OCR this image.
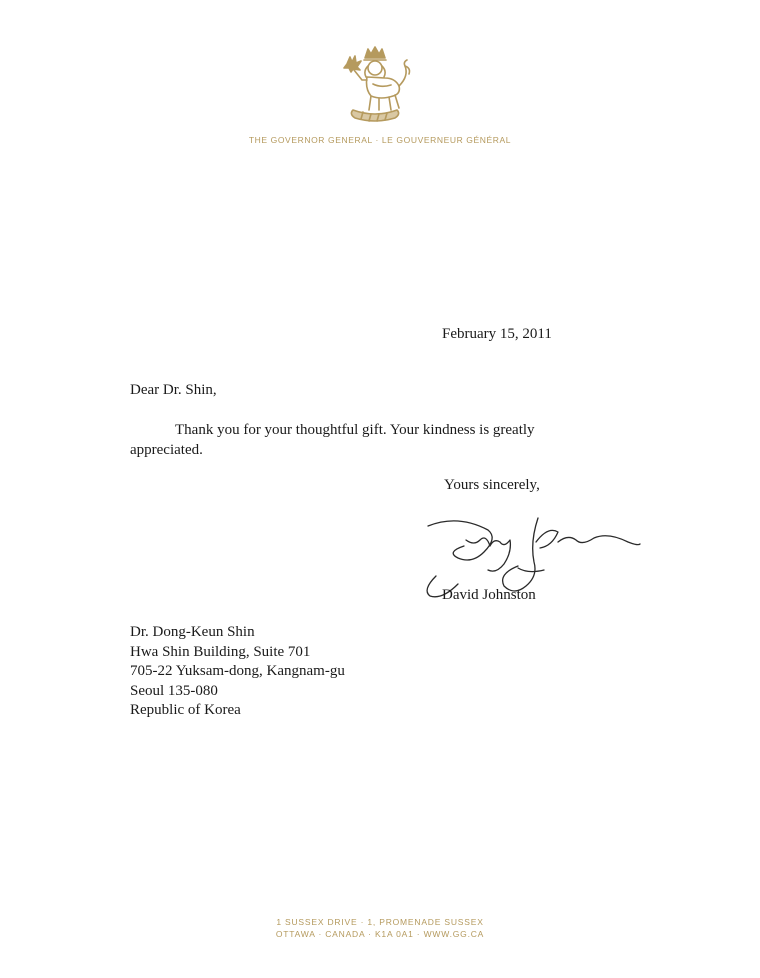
THE GOVERNOR GENERAL · LE GOUVERNEUR GÉNÉRAL
February 15, 2011
Dear Dr. Shin,

Thank you for your thoughtful gift. Your kindness is greatly appreciated.

Yours sincerely,
David Johnston
Dr. Dong-Keun Shin
Hwa Shin Building, Suite 701
705-22 Yuksam-dong, Kangnam-gu
Seoul 135-080
Republic of Korea
1 SUSSEX DRIVE · 1, PROMENADE SUSSEX
OTTAWA · CANADA · K1A 0A1 · WWW.GG.CA
